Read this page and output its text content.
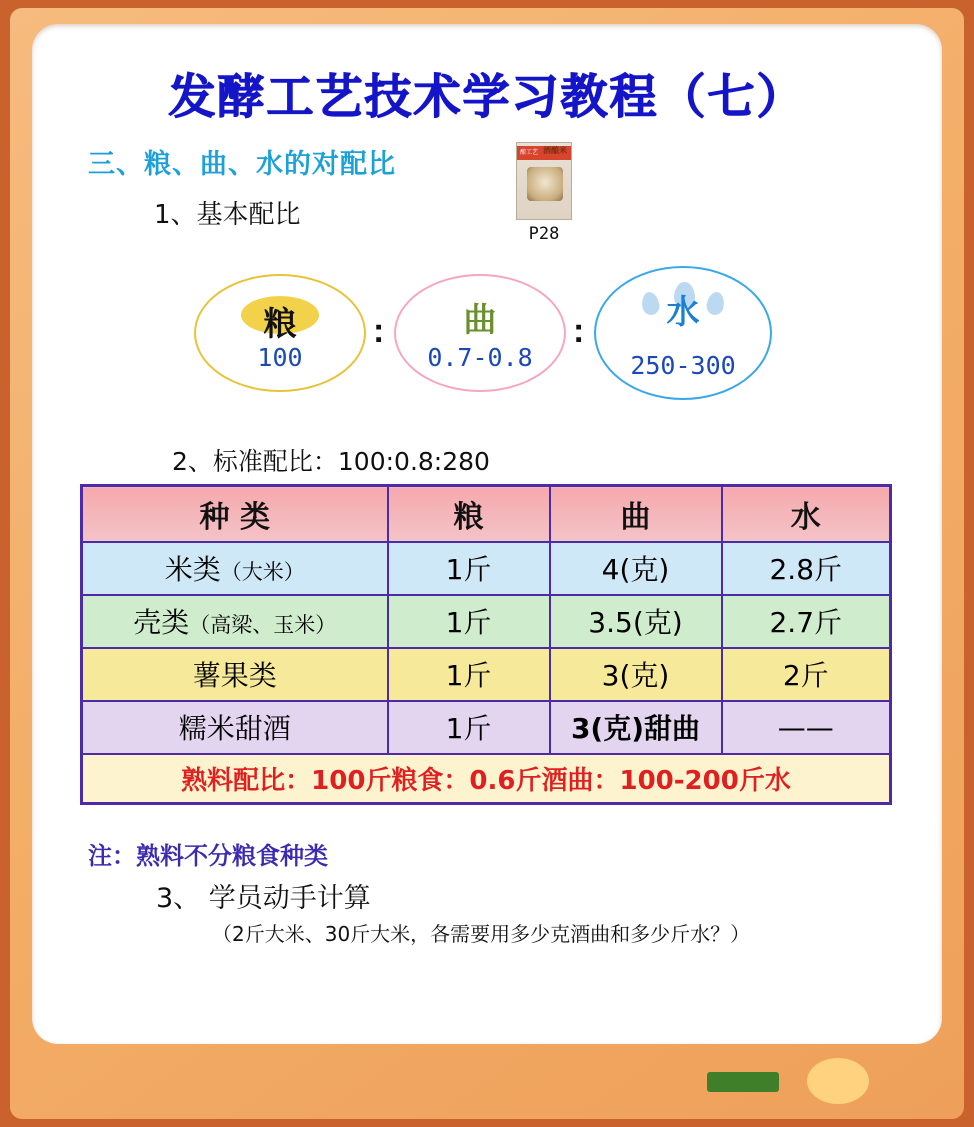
发酵工艺技术学习教程（七）
三、粮、曲、水的对配比
1、基本配比
酿工艺 酒酿米
P28
粮
100
:	曲
0.7-0.8
:	水
250-300
2、标准配比：100:0.8:280
种 类	粮	曲	水
米类（大米）	1斤	4(克)	2.8斤
壳类（高梁、玉米）	1斤	3.5(克)	2.7斤
薯果类	1斤	3(克)	2斤
糯米甜酒	1斤	3(克)甜曲	——
熟料配比：100斤粮食：0.6斤酒曲：100-200斤水			
注：熟料不分粮食种类
3、 学员动手计算
（2斤大米、30斤大米，各需要用多少克酒曲和多少斤水？）
